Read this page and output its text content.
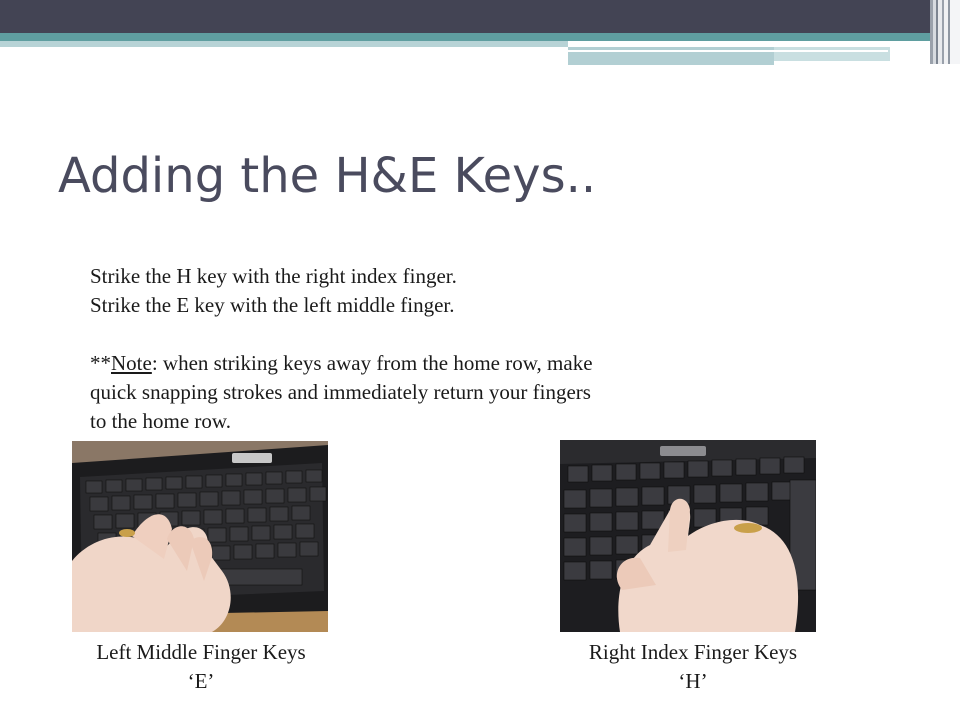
Adding the H&E Keys..

Strike the H key with the right index finger.

Strike the E key with the left middle finger.

**Note: when striking keys away from the home row, make

quick snapping strokes and immediately return your fingers

to the home row.

Left Middle Finger Keys
‘E’
Right Index Finger Keys
‘H’
